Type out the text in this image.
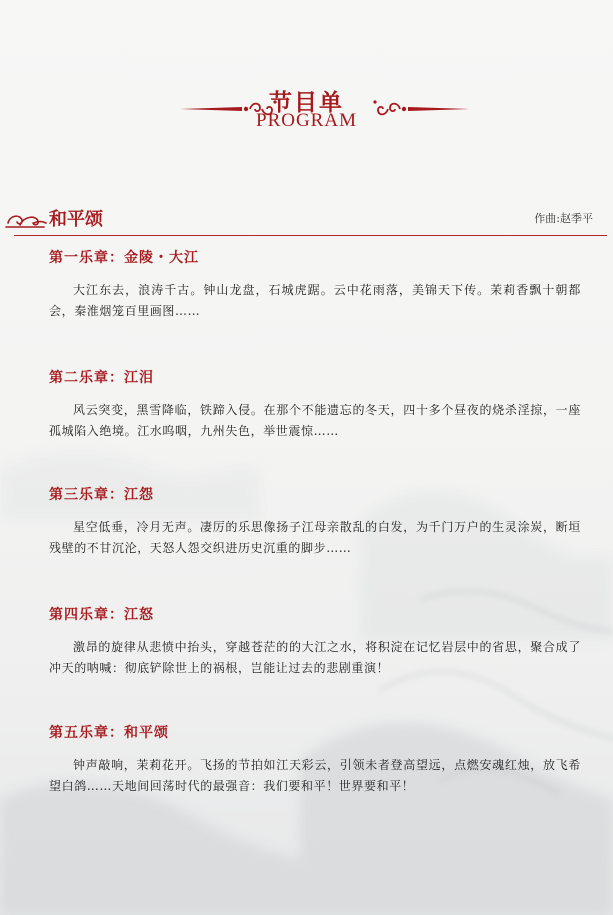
节目单
PROGRAM
和平颂	作曲:赵季平
第一乐章：金陵・大江

大江东去，浪涛千古。钟山龙盘，石城虎踞。云中花雨落，美锦天下传。茉莉香飘十朝都会，秦淮烟笼百里画图……

第二乐章：江泪

风云突变，黑雪降临，铁蹄入侵。在那个不能遗忘的冬天，四十多个昼夜的烧杀淫掠，一座孤城陷入绝境。江水呜咽，九州失色，举世震惊……

第三乐章：江怨

星空低垂，冷月无声。凄厉的乐思像扬子江母亲散乱的白发，为千门万户的生灵涂炭，断垣残壁的不甘沉沦，天怒人怨交织进历史沉重的脚步……

第四乐章：江怒

激昂的旋律从悲愤中抬头，穿越苍茫的的大江之水，将积淀在记忆岩层中的省思，聚合成了冲天的呐喊：彻底铲除世上的祸根，岂能让过去的悲剧重演！

第五乐章：和平颂

钟声敲响，茉莉花开。飞扬的节拍如江天彩云，引领未者登高望远，点燃安魂红烛，放飞希望白鸽……天地间回荡时代的最强音：我们要和平！世界要和平！
